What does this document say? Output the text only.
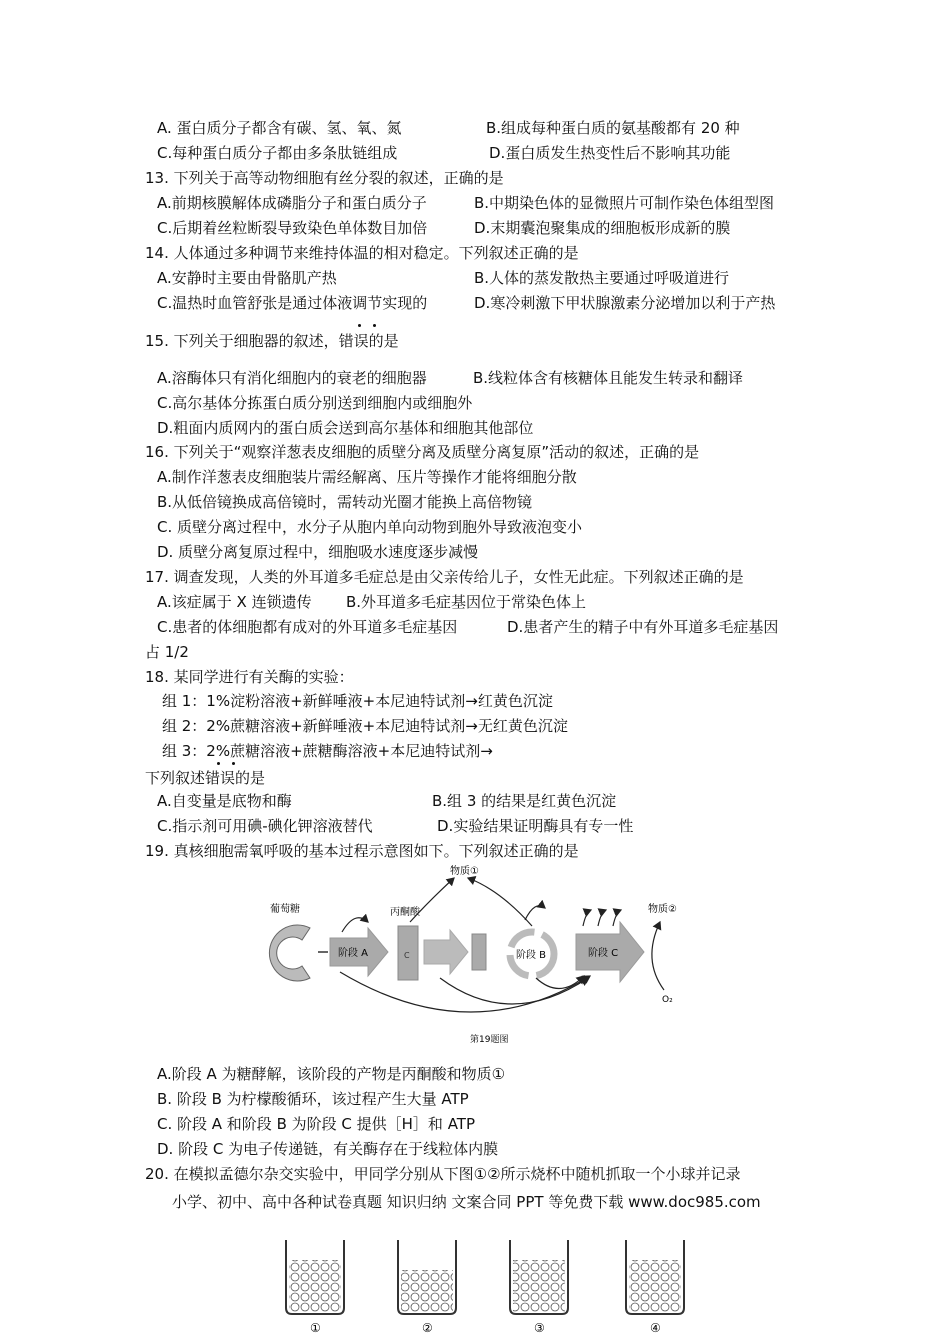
A. 蛋白质分子都含有碳、氢、氧、氮	B.组成每种蛋白质的氨基酸都有 20 种
C.每种蛋白质分子都由多条肽链组成	D.蛋白质发生热变性后不影响其功能
13. 下列关于高等动物细胞有丝分裂的叙述，正确的是
A.前期核膜解体成磷脂分子和蛋白质分子	B.中期染色体的显微照片可制作染色体组型图
C.后期着丝粒断裂导致染色单体数目加倍	D.末期囊泡聚集成的细胞板形成新的膜
14. 人体通过多种调节来维持体温的相对稳定。下列叙述正确的是
A.安静时主要由骨骼肌产热	B.人体的蒸发散热主要通过呼吸道进行
C.温热时血管舒张是通过体液调节实现的	D.寒冷刺激下甲状腺激素分泌增加以利于产热
15. 下列关于细胞器的叙述，错误的是
A.溶酶体只有消化细胞内的衰老的细胞器	B.线粒体含有核糖体且能发生转录和翻译
C.高尔基体分拣蛋白质分别送到细胞内或细胞外
D.粗面内质网内的蛋白质会送到高尔基体和细胞其他部位
16. 下列关于“观察洋葱表皮细胞的质壁分离及质壁分离复原”活动的叙述，正确的是
A.制作洋葱表皮细胞装片需经解离、压片等操作才能将细胞分散
B.从低倍镜换成高倍镜时，需转动光圈才能换上高倍物镜
C. 质壁分离过程中，水分子从胞内单向动物到胞外导致液泡变小
D. 质壁分离复原过程中，细胞吸水速度逐步减慢
17. 调查发现，人类的外耳道多毛症总是由父亲传给儿子，女性无此症。下列叙述正确的是
A.该症属于 X 连锁遗传 B.外耳道多毛症基因位于常染色体上
C.患者的体细胞都有成对的外耳道多毛症基因	D.患者产生的精子中有外耳道多毛症基因
占 1/2
18. 某同学进行有关酶的实验：
组 1：1%淀粉溶液+新鲜唾液+本尼迪特试剂→红黄色沉淀
组 2：2%蔗糖溶液+新鲜唾液+本尼迪特试剂→无红黄色沉淀
组 3：2%蔗糖溶液+蔗糖酶溶液+本尼迪特试剂→
下列叙述错误的是
A.自变量是底物和酶	B.组 3 的结果是红黄色沉淀
C.指示剂可用碘-碘化钾溶液替代	D.实验结果证明酶具有专一性
19. 真核细胞需氧呼吸的基本过程示意图如下。下列叙述正确的是
物质①
葡萄糖	丙酮酸	物质②
O₂
阶段 A	C	阶段 B	阶段 C
第19题图
A.阶段 A 为糖酵解，该阶段的产物是丙酮酸和物质①
B. 阶段 B 为柠檬酸循环，该过程产生大量 ATP
C. 阶段 A 和阶段 B 为阶段 C 提供［H］和 ATP
D. 阶段 C 为电子传递链，有关酶存在于线粒体内膜
20. 在模拟孟德尔杂交实验中，甲同学分别从下图①②所示烧杯中随机抓取一个小球并记录
小学、初中、高中各种试卷真题 知识归纳 文案合同 PPT 等免费下载 www.doc985.com
①	②	③	④
